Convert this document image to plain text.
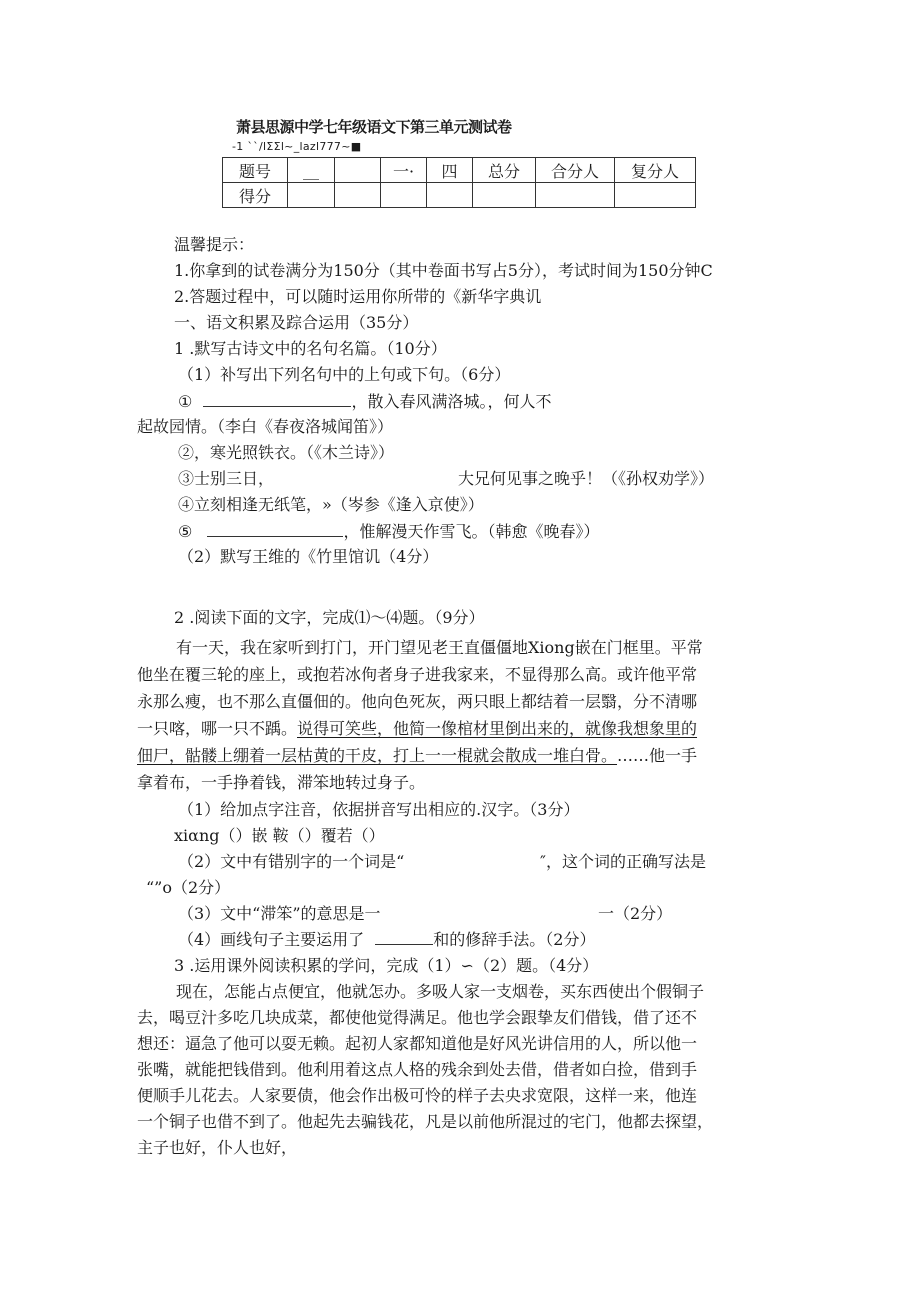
萧县思源中学七年级语文下第三单元测试卷
-1 ``/lΣΣl~_lazl777~■
题号	__		一·	四	总分	合分人	复分人
得分							
温馨提示：
1.你拿到的试卷满分为150分（其中卷面书写占5分），考试时间为150分钟C
2.答题过程中，可以随时运用你所带的《新华字典讥
一、语文积累及踪合运用（35分）
1 .默写古诗文中的名句名篇。（10分）
（1）补写出下列名句中的上句或下句。（6分）
①	，散入春风满洛城。，何人不
起故园情。（李白《春夜洛城闻笛》）
②，寒光照铁衣。（《木兰诗》）
③士别三日，	大兄何见事之晚乎！（《孙权劝学》）
④立刻相逢无纸笔，»（岑参《逢入京使》）
⑤	，惟解漫天作雪飞。（韩愈《晚春》）
（2）默写王维的《竹里馆讥（4分）
2 .阅读下面的文字，完成⑴～⑷题。（9分）
有一天，我在家听到打门，开门望见老王直僵僵地Xiong嵌在门框里。平常
他坐在覆三轮的座上，或抱若冰佝者身子进我家来，不显得那么高。或许他平常
永那么瘦，也不那么直僵佃的。他向色死灰，两只眼上都结着一层翳，分不清哪
一只喀，哪一只不踽。说得可笑些，他简一像棺材里倒出来的，就像我想象里的
佃尸，骷髅上绷着一层枯黄的干皮，打上一一棍就会散成一堆白骨。……他一手
拿着布，一手挣着钱，滞笨地转过身子。
（1）给加点字注音，依据拼音写出相应的.汉字。（3分）
xiαng（）嵌 鞍（）覆若（）
（2）文中有错别字的一个词是“	″，这个词的正确写法是
“”o（2分）
（3）文中“滞笨”的意思是一	一（2分）
（4）画线句子主要运用了	和的修辞手法。（2分）
3 .运用课外阅读积累的学问，完成（1）∽（2）题。（4分）
现在，怎能占点便宜，他就怎办。多吸人家一支烟卷，买东西使出个假铜子
去，喝豆汁多吃几块成菜，都使他觉得满足。他也学会跟挚友们借钱，借了还不
想还：逼急了他可以耍无赖。起初人家都知道他是好风光讲信用的人，所以他一
张嘴，就能把钱借到。他利用着这点人格的残余到处去借，借者如白捡，借到手
便顺手儿花去。人家要债，他会作出极可怜的样子去央求宽限，这样一来，他连
一个铜子也借不到了。他起先去骗钱花，凡是以前他所混过的宅门，他都去探望，
主子也好，仆人也好，
